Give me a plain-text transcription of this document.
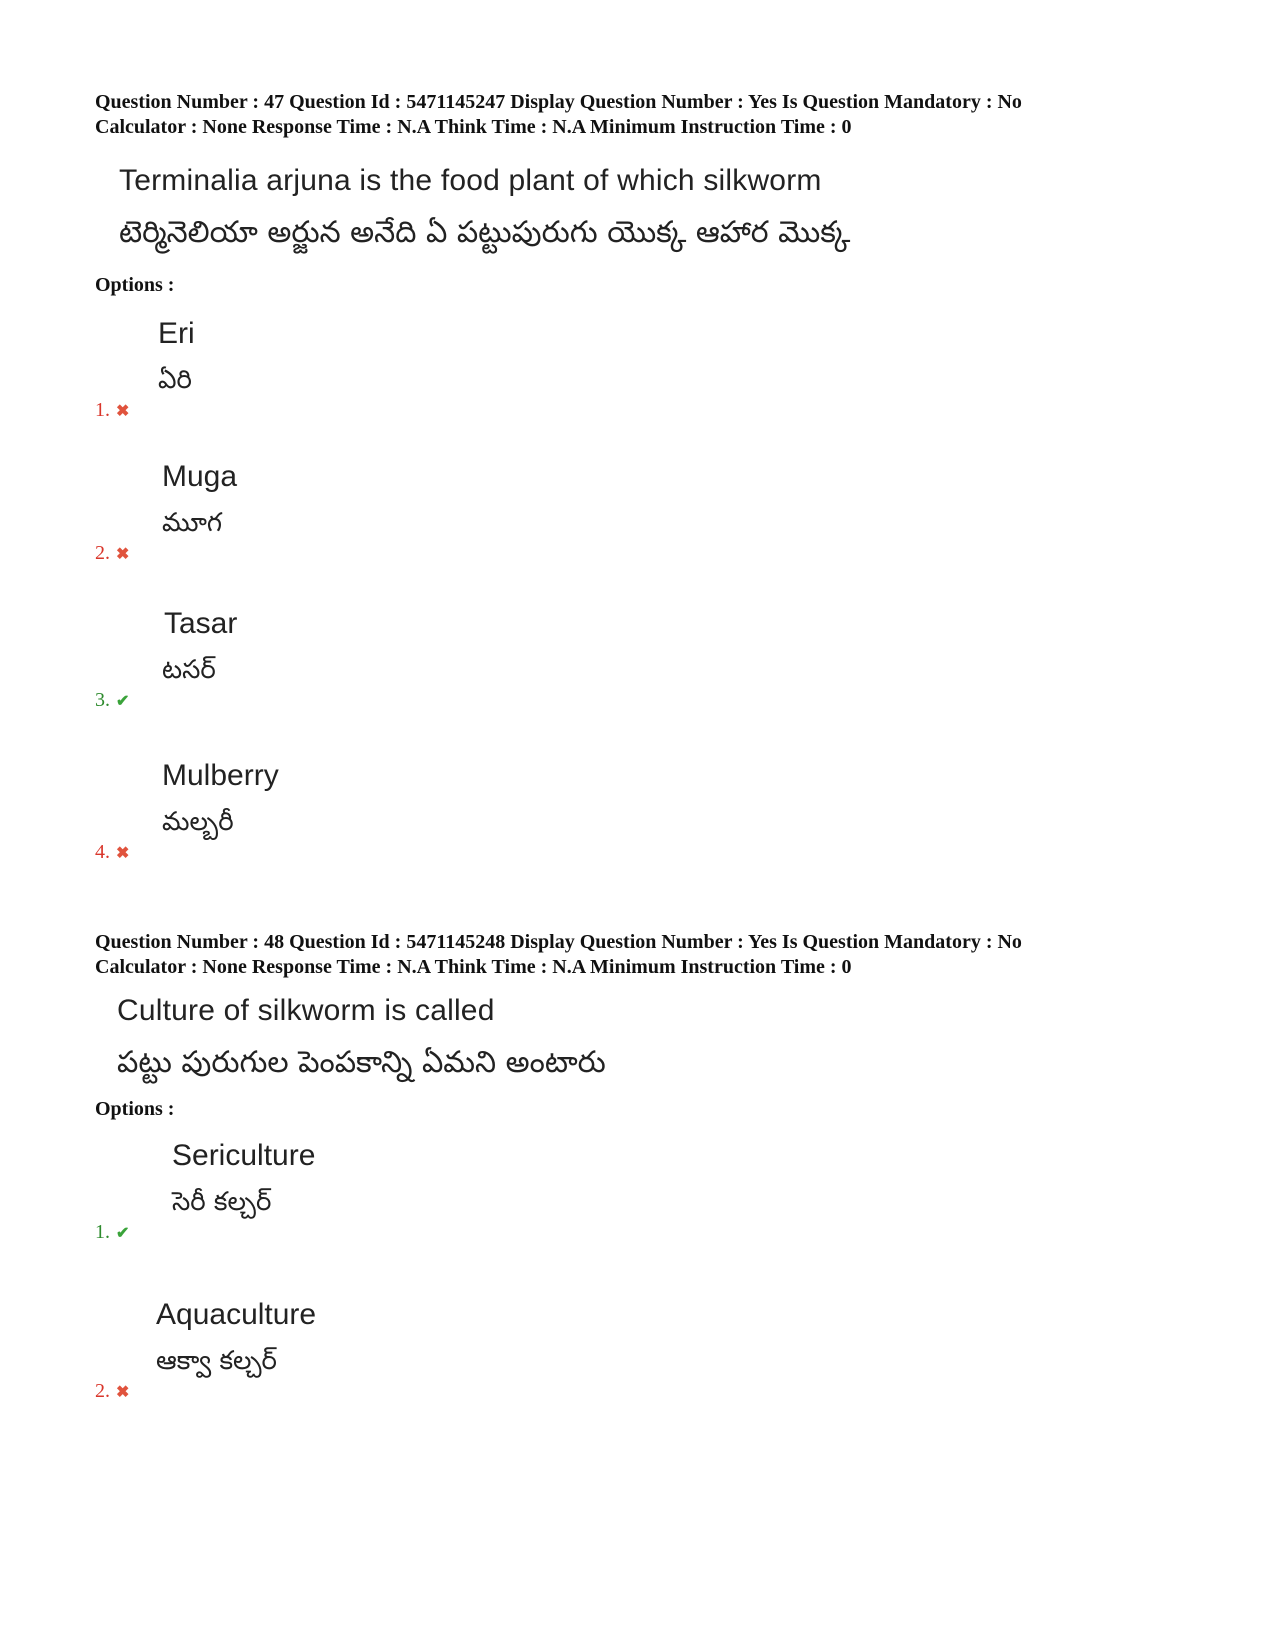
Question Number : 47 Question Id : 5471145247 Display Question Number : Yes Is Question Mandatory : No

Calculator : None Response Time : N.A Think Time : N.A Minimum Instruction Time : 0

Terminalia arjuna is the food plant of which silkworm

టెర్మినెలియా అర్జున అనేది ఏ పట్టుపురుగు యొక్క ఆహార మొక్క

Options :

Eri

ఏరి

1. ✖

Muga

మూగ

2. ✖

Tasar

టసర్

3. ✔

Mulberry

మల్బరీ

4. ✖

Question Number : 48 Question Id : 5471145248 Display Question Number : Yes Is Question Mandatory : No

Calculator : None Response Time : N.A Think Time : N.A Minimum Instruction Time : 0

Culture of silkworm is called

పట్టు పురుగుల పెంపకాన్ని ఏమని అంటారు

Options :

Sericulture

సెరీ కల్చర్

1. ✔

Aquaculture

ఆక్వా కల్చర్

2. ✖
